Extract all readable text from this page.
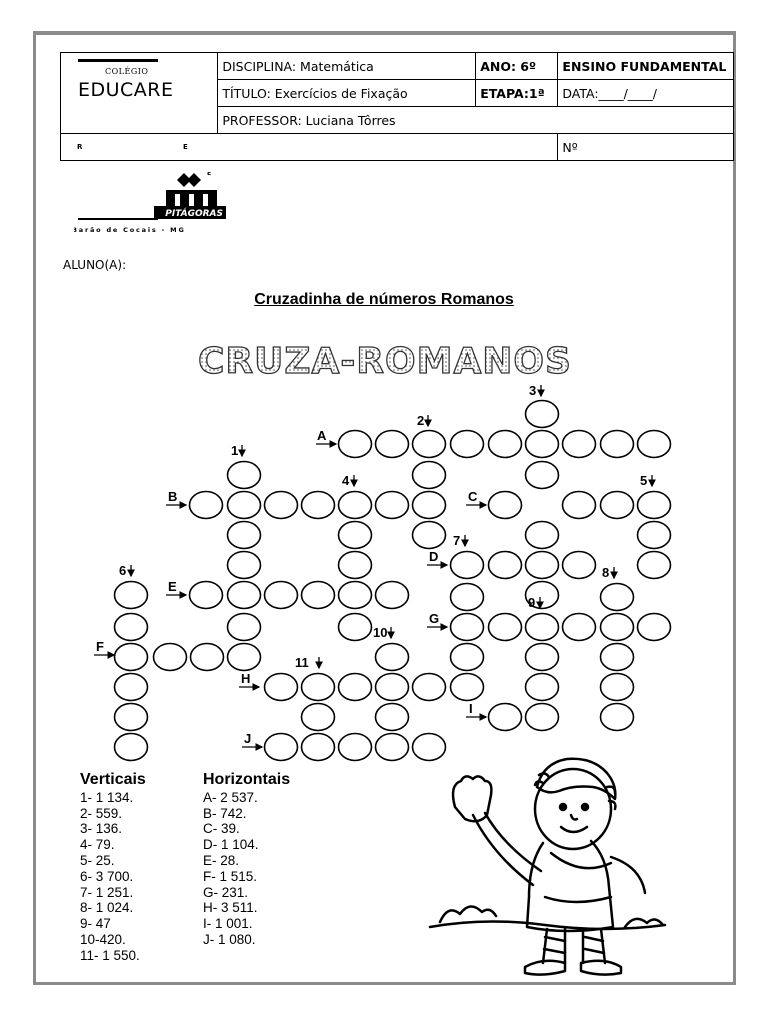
COLÉGIO
EDUCARE	DISCIPLINA: Matemática	ANO: 6º	ENSINO FUNDAMENTAL
	TÍTULO: Exercícios de Fixação	ETAPA:1ª	DATA:____/____/
	PROFESSOR: Luciana Tôrres		

R E			Nº
E
PITÁGORAS
Barão de Cocais - MG
ALUNO(A):
Cruzadinha de números Romanos
CRUZA-ROMANOS
A
B	C
D
E
F
G
H
I
J
1
2
3
4	5
6
7
8
9
10
11
Verticais
1- 1 134.
2- 559.
3- 136.
4- 79.
5- 25.
6- 3 700.
7- 1 251.
8- 1 024.
9- 47
10-420.
11- 1 550.
Horizontais
A- 2 537.
B- 742.
C- 39.
D- 1 104.
E- 28.
F- 1 515.
G- 231.
H- 3 511.
I- 1 001.
J- 1 080.
